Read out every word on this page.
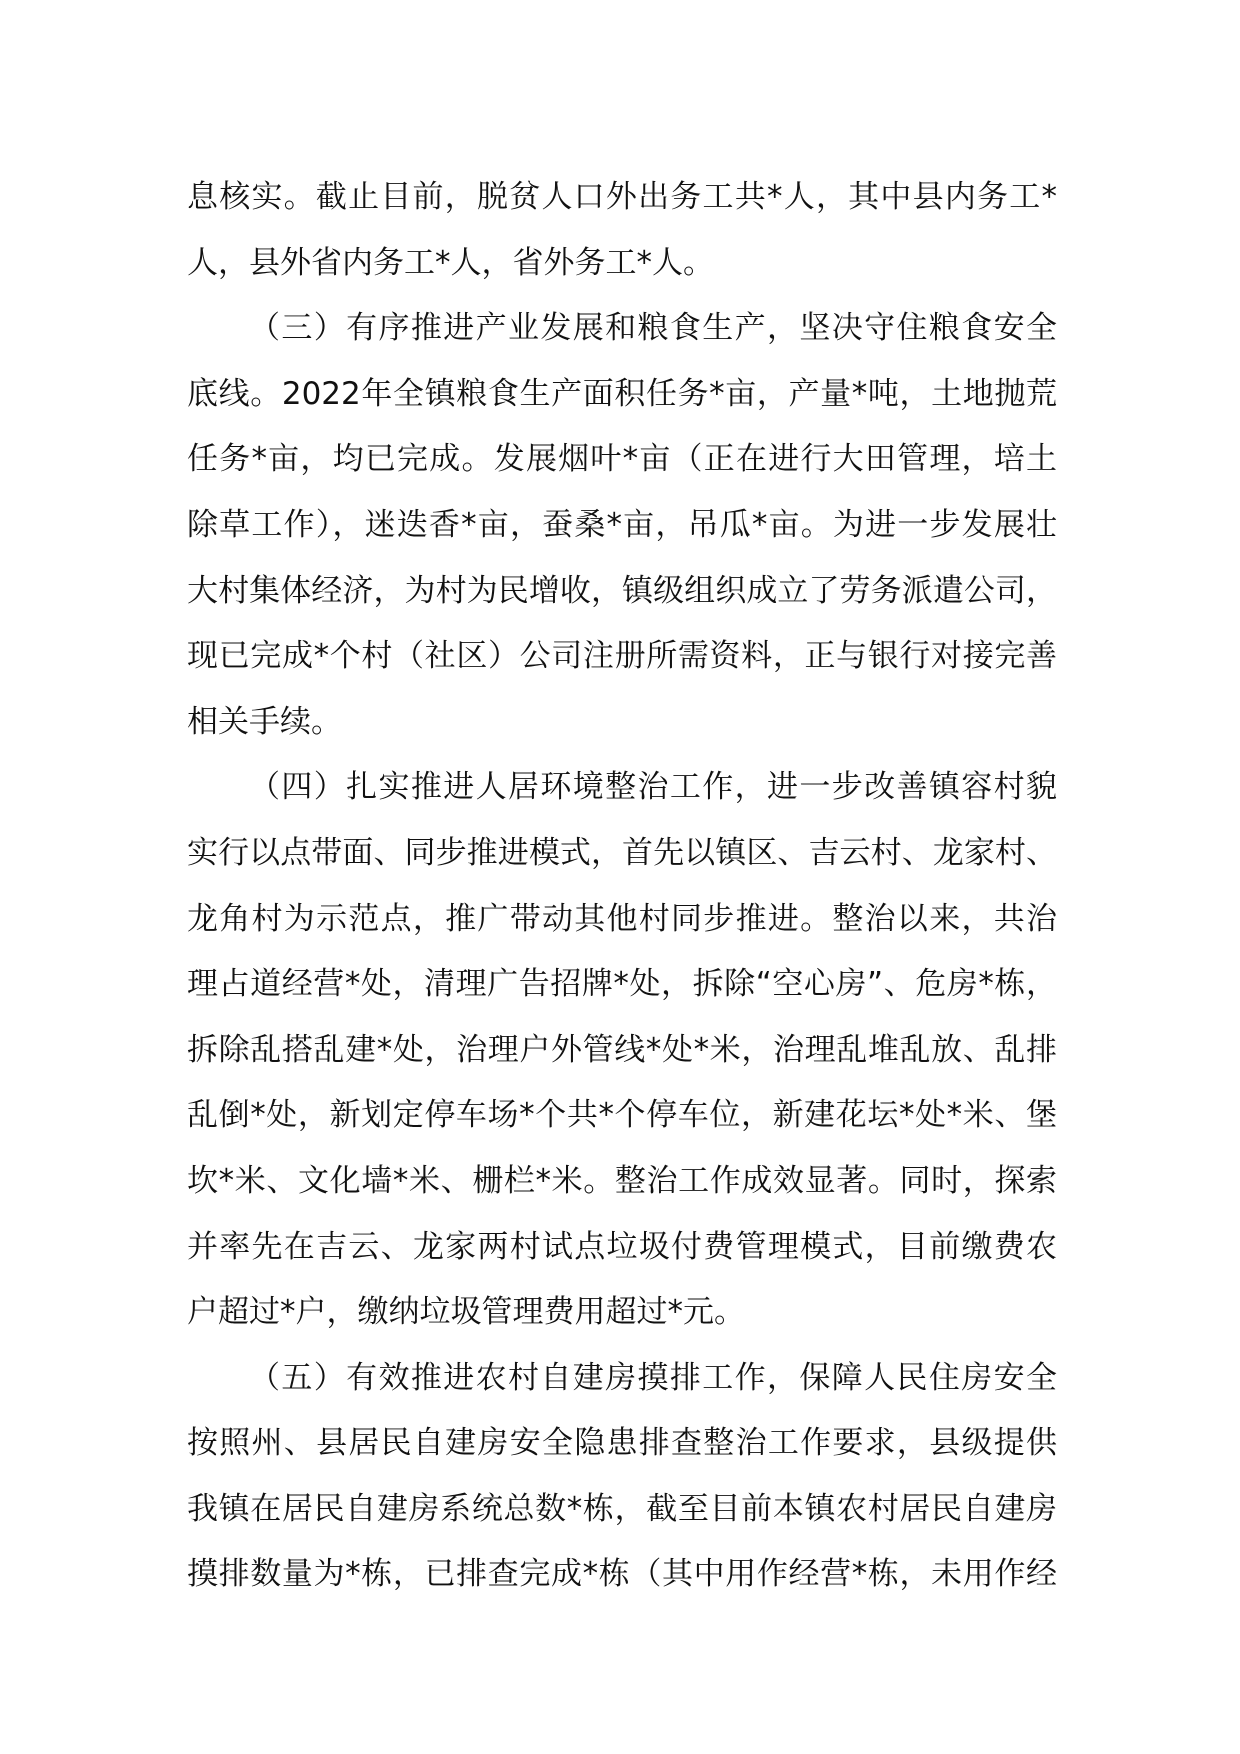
息核实。截止目前，脱贫人口外出务工共*人，其中县内务工*
人，县外省内务工*人，省外务工*人。
（三）有序推进产业发展和粮食生产，坚决守住粮食安全
底线。2022年全镇粮食生产面积任务*亩，产量*吨，土地抛荒
任务*亩，均已完成。发展烟叶*亩（正在进行大田管理，培土
除草工作），迷迭香*亩，蚕桑*亩，吊瓜*亩。为进一步发展壮
大村集体经济，为村为民增收，镇级组织成立了劳务派遣公司，
现已完成*个村（社区）公司注册所需资料，正与银行对接完善
相关手续。
（四）扎实推进人居环境整治工作，进一步改善镇容村貌
实行以点带面、同步推进模式，首先以镇区、吉云村、龙家村、
龙角村为示范点，推广带动其他村同步推进。整治以来，共治
理占道经营*处，清理广告招牌*处，拆除“空心房”、危房*栋，
拆除乱搭乱建*处，治理户外管线*处*米，治理乱堆乱放、乱排
乱倒*处，新划定停车场*个共*个停车位，新建花坛*处*米、堡
坎*米、文化墙*米、栅栏*米。整治工作成效显著。同时，探索
并率先在吉云、龙家两村试点垃圾付费管理模式，目前缴费农
户超过*户，缴纳垃圾管理费用超过*元。
（五）有效推进农村自建房摸排工作，保障人民住房安全
按照州、县居民自建房安全隐患排查整治工作要求，县级提供
我镇在居民自建房系统总数*栋，截至目前本镇农村居民自建房
摸排数量为*栋，已排查完成*栋（其中用作经营*栋，未用作经
